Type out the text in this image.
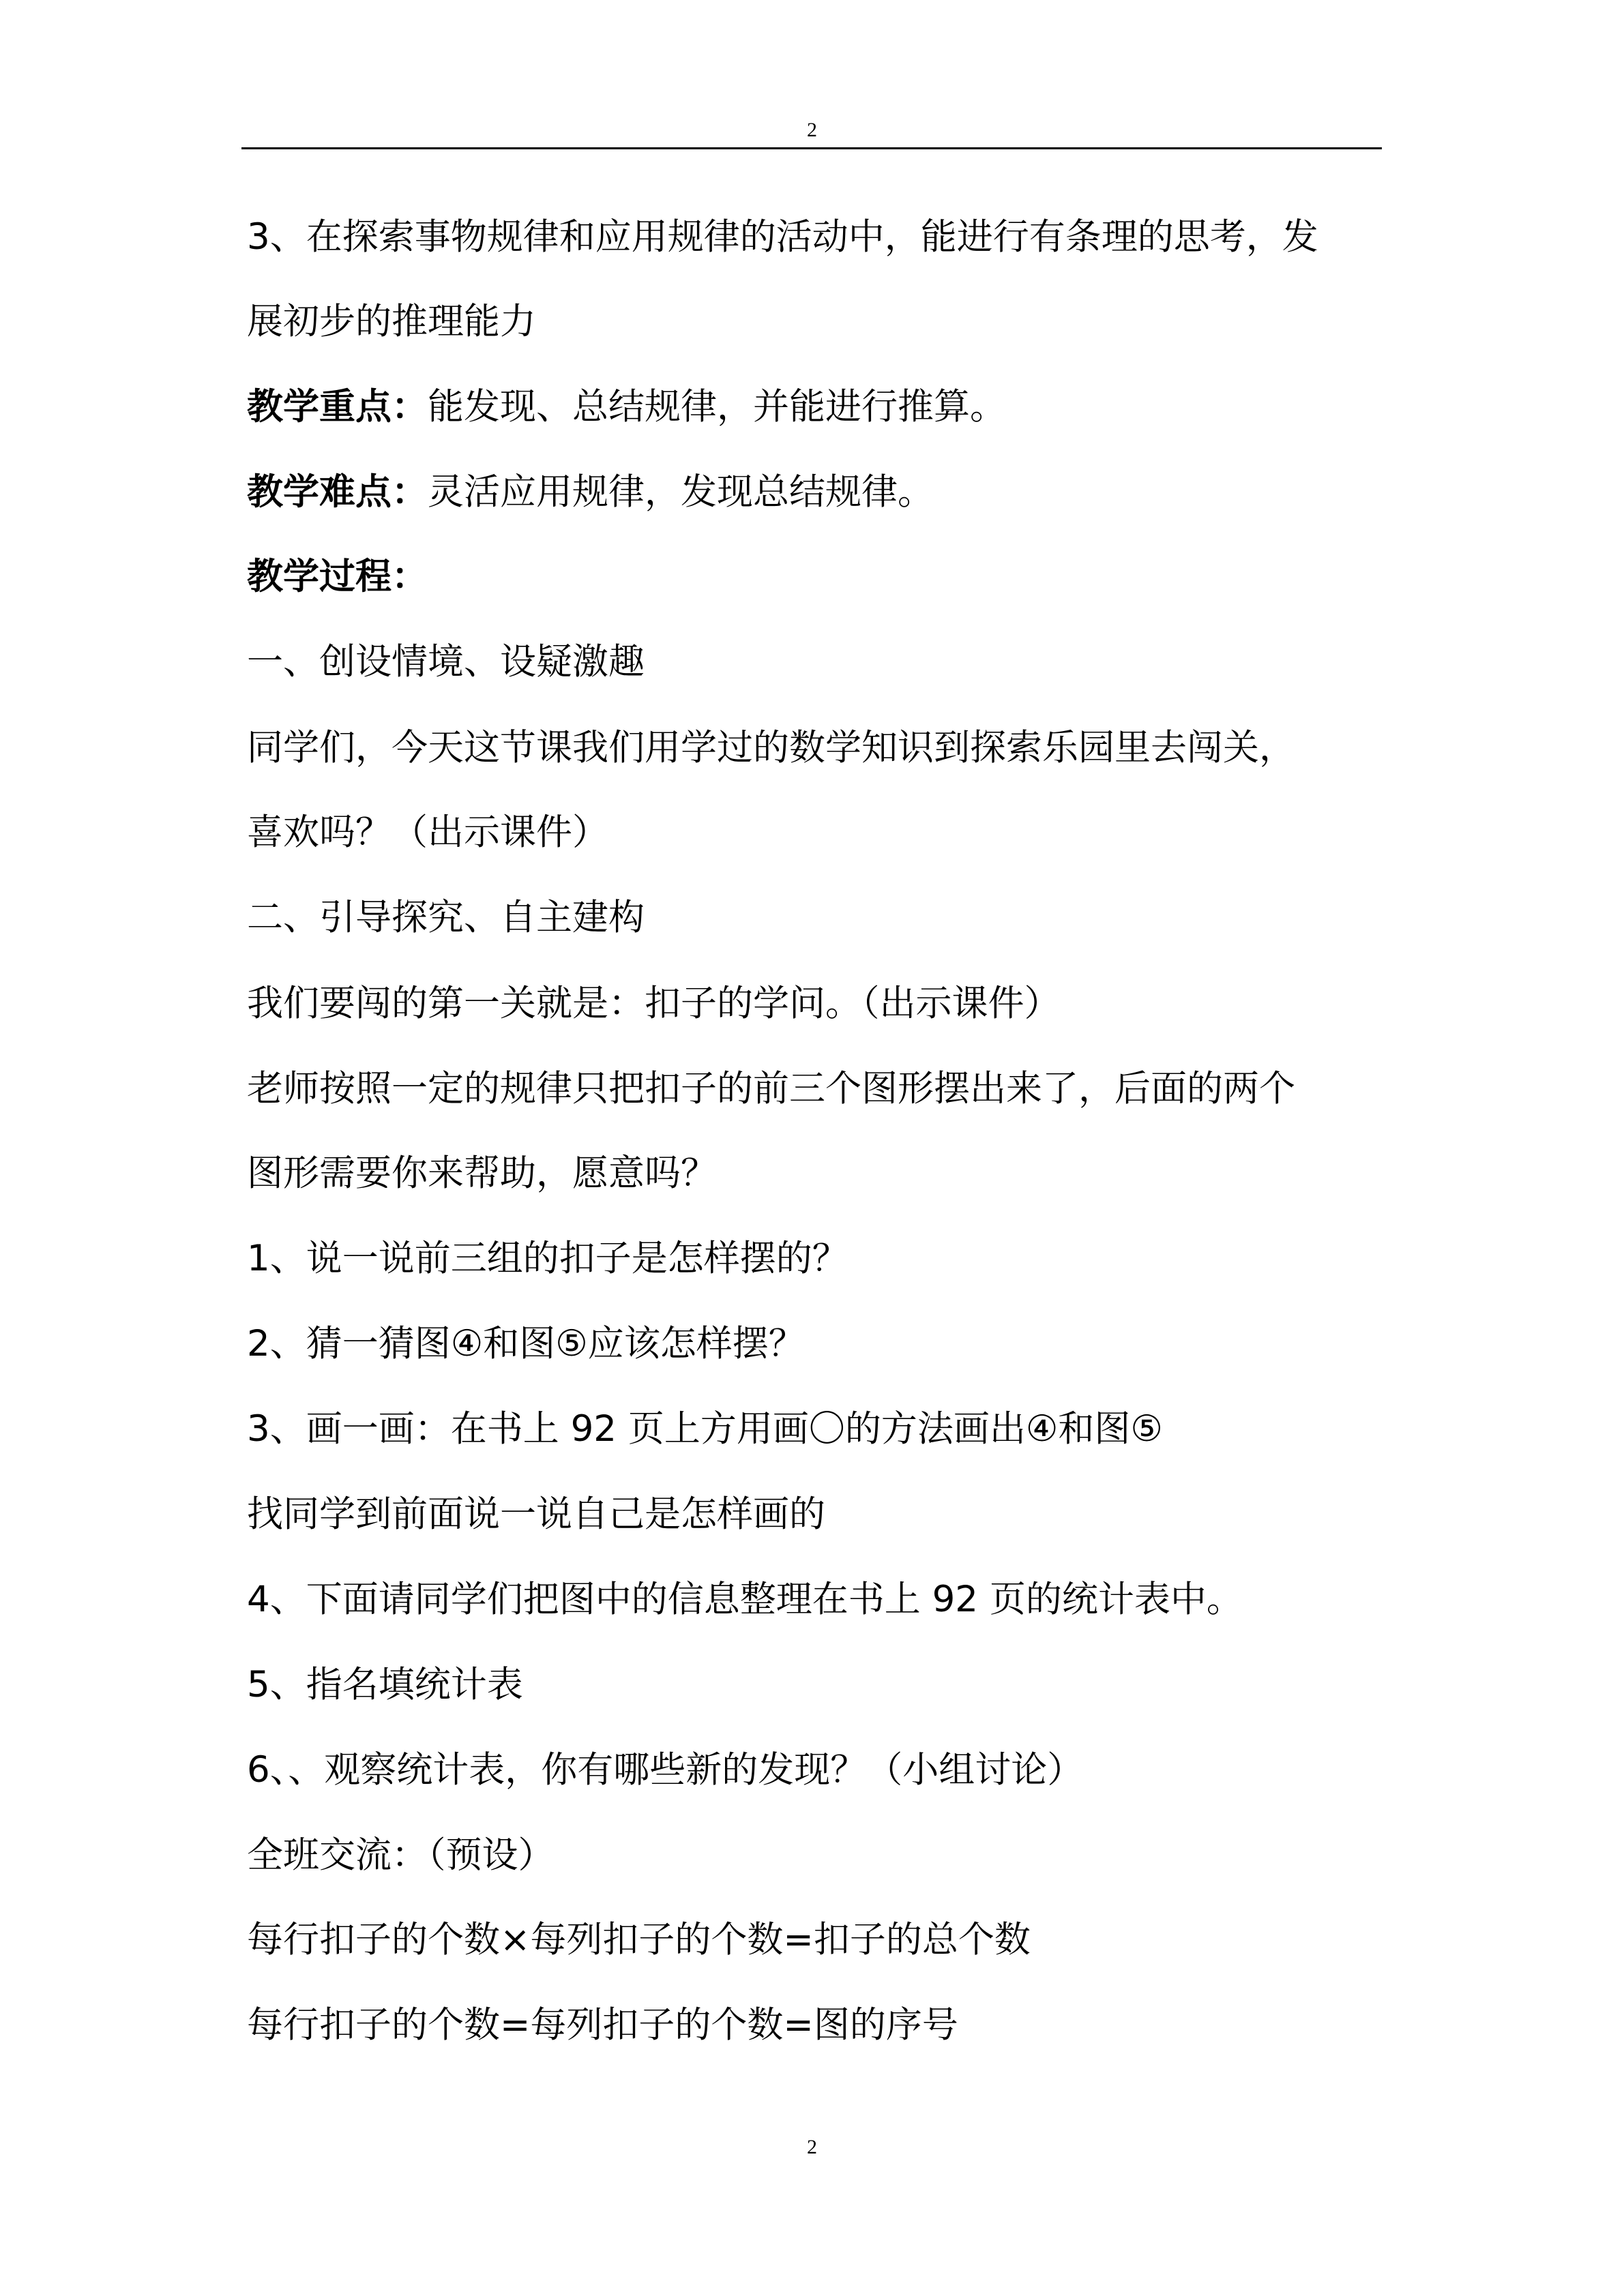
2
3、在探索事物规律和应用规律的活动中，能进行有条理的思考，发
展初步的推理能力
教学重点：能发现、总结规律，并能进行推算。
教学难点：灵活应用规律，发现总结规律。
教学过程：
一、创设情境、设疑激趣
同学们，今天这节课我们用学过的数学知识到探索乐园里去闯关，
喜欢吗？（出示课件）
二、引导探究、自主建构
我们要闯的第一关就是：扣子的学问。（出示课件）
老师按照一定的规律只把扣子的前三个图形摆出来了，后面的两个
图形需要你来帮助，愿意吗？
1、说一说前三组的扣子是怎样摆的？
2、猜一猜图④和图⑤应该怎样摆？
3、画一画：在书上 92 页上方用画〇的方法画出④和图⑤
找同学到前面说一说自己是怎样画的
4、下面请同学们把图中的信息整理在书上 92 页的统计表中。
5、指名填统计表
6、、观察统计表，你有哪些新的发现？（小组讨论）
全班交流：（预设）
每行扣子的个数×每列扣子的个数=扣子的总个数
每行扣子的个数=每列扣子的个数=图的序号
2
